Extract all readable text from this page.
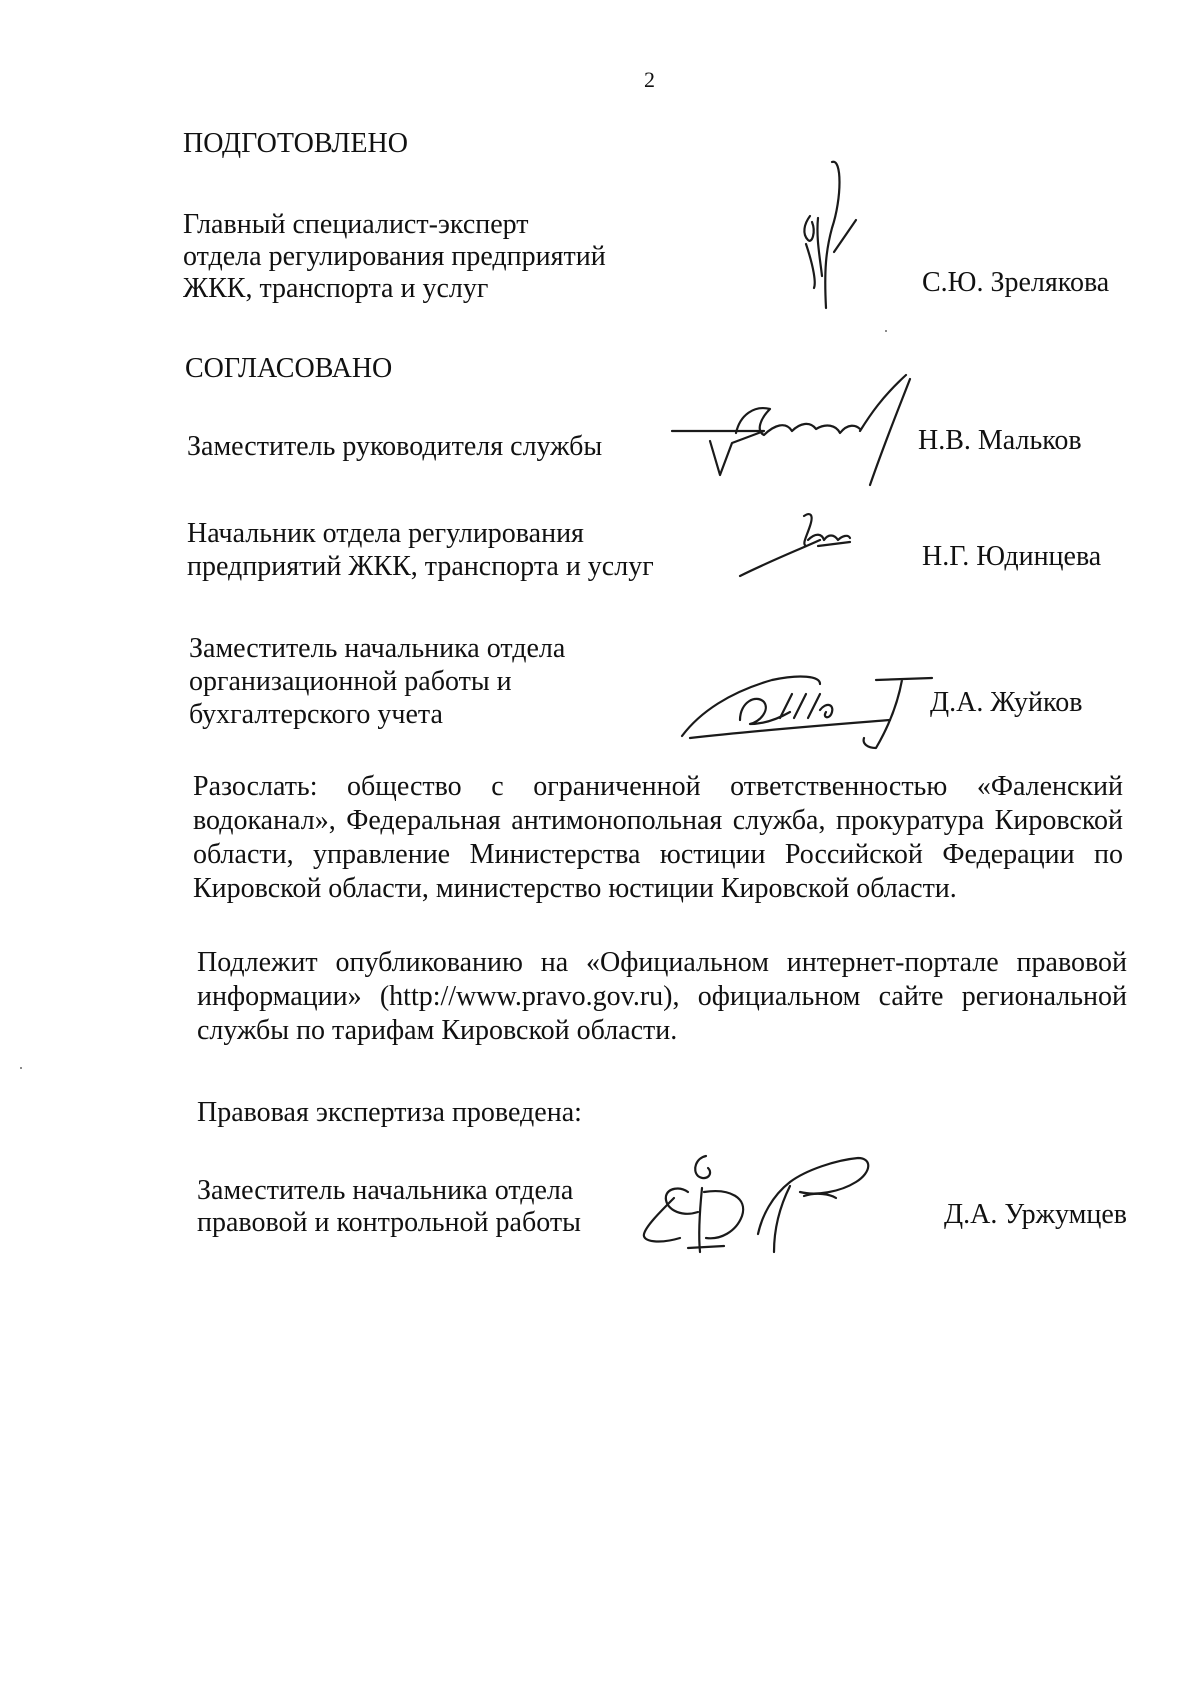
2
ПОДГОТОВЛЕНО
Главный специалист-эксперт
отдела регулирования предприятий
ЖКК, транспорта и услуг	С.Ю. Зрелякова
СОГЛАСОВАНО
Заместитель руководителя службы	Н.В. Мальков
Начальник отдела регулирования
предприятий ЖКК, транспорта и услуг	Н.Г. Юдинцева
Заместитель начальника отдела
организационной работы и
бухгалтерского учета	Д.А. Жуйков
Разослать: общество с ограниченной ответственностью «Фаленский
водоканал», Федеральная антимонопольная служба, прокуратура Кировской
области, управление Министерства юстиции Российской Федерации по
Кировской области, министерство юстиции Кировской области.
Подлежит опубликованию на «Официальном интернет-портале правовой
информации» (http://www.pravo.gov.ru), официальном сайте региональной
службы по тарифам Кировской области.
Правовая экспертиза проведена:
Заместитель начальника отдела
правовой и контрольной работы	Д.А. Уржумцев
